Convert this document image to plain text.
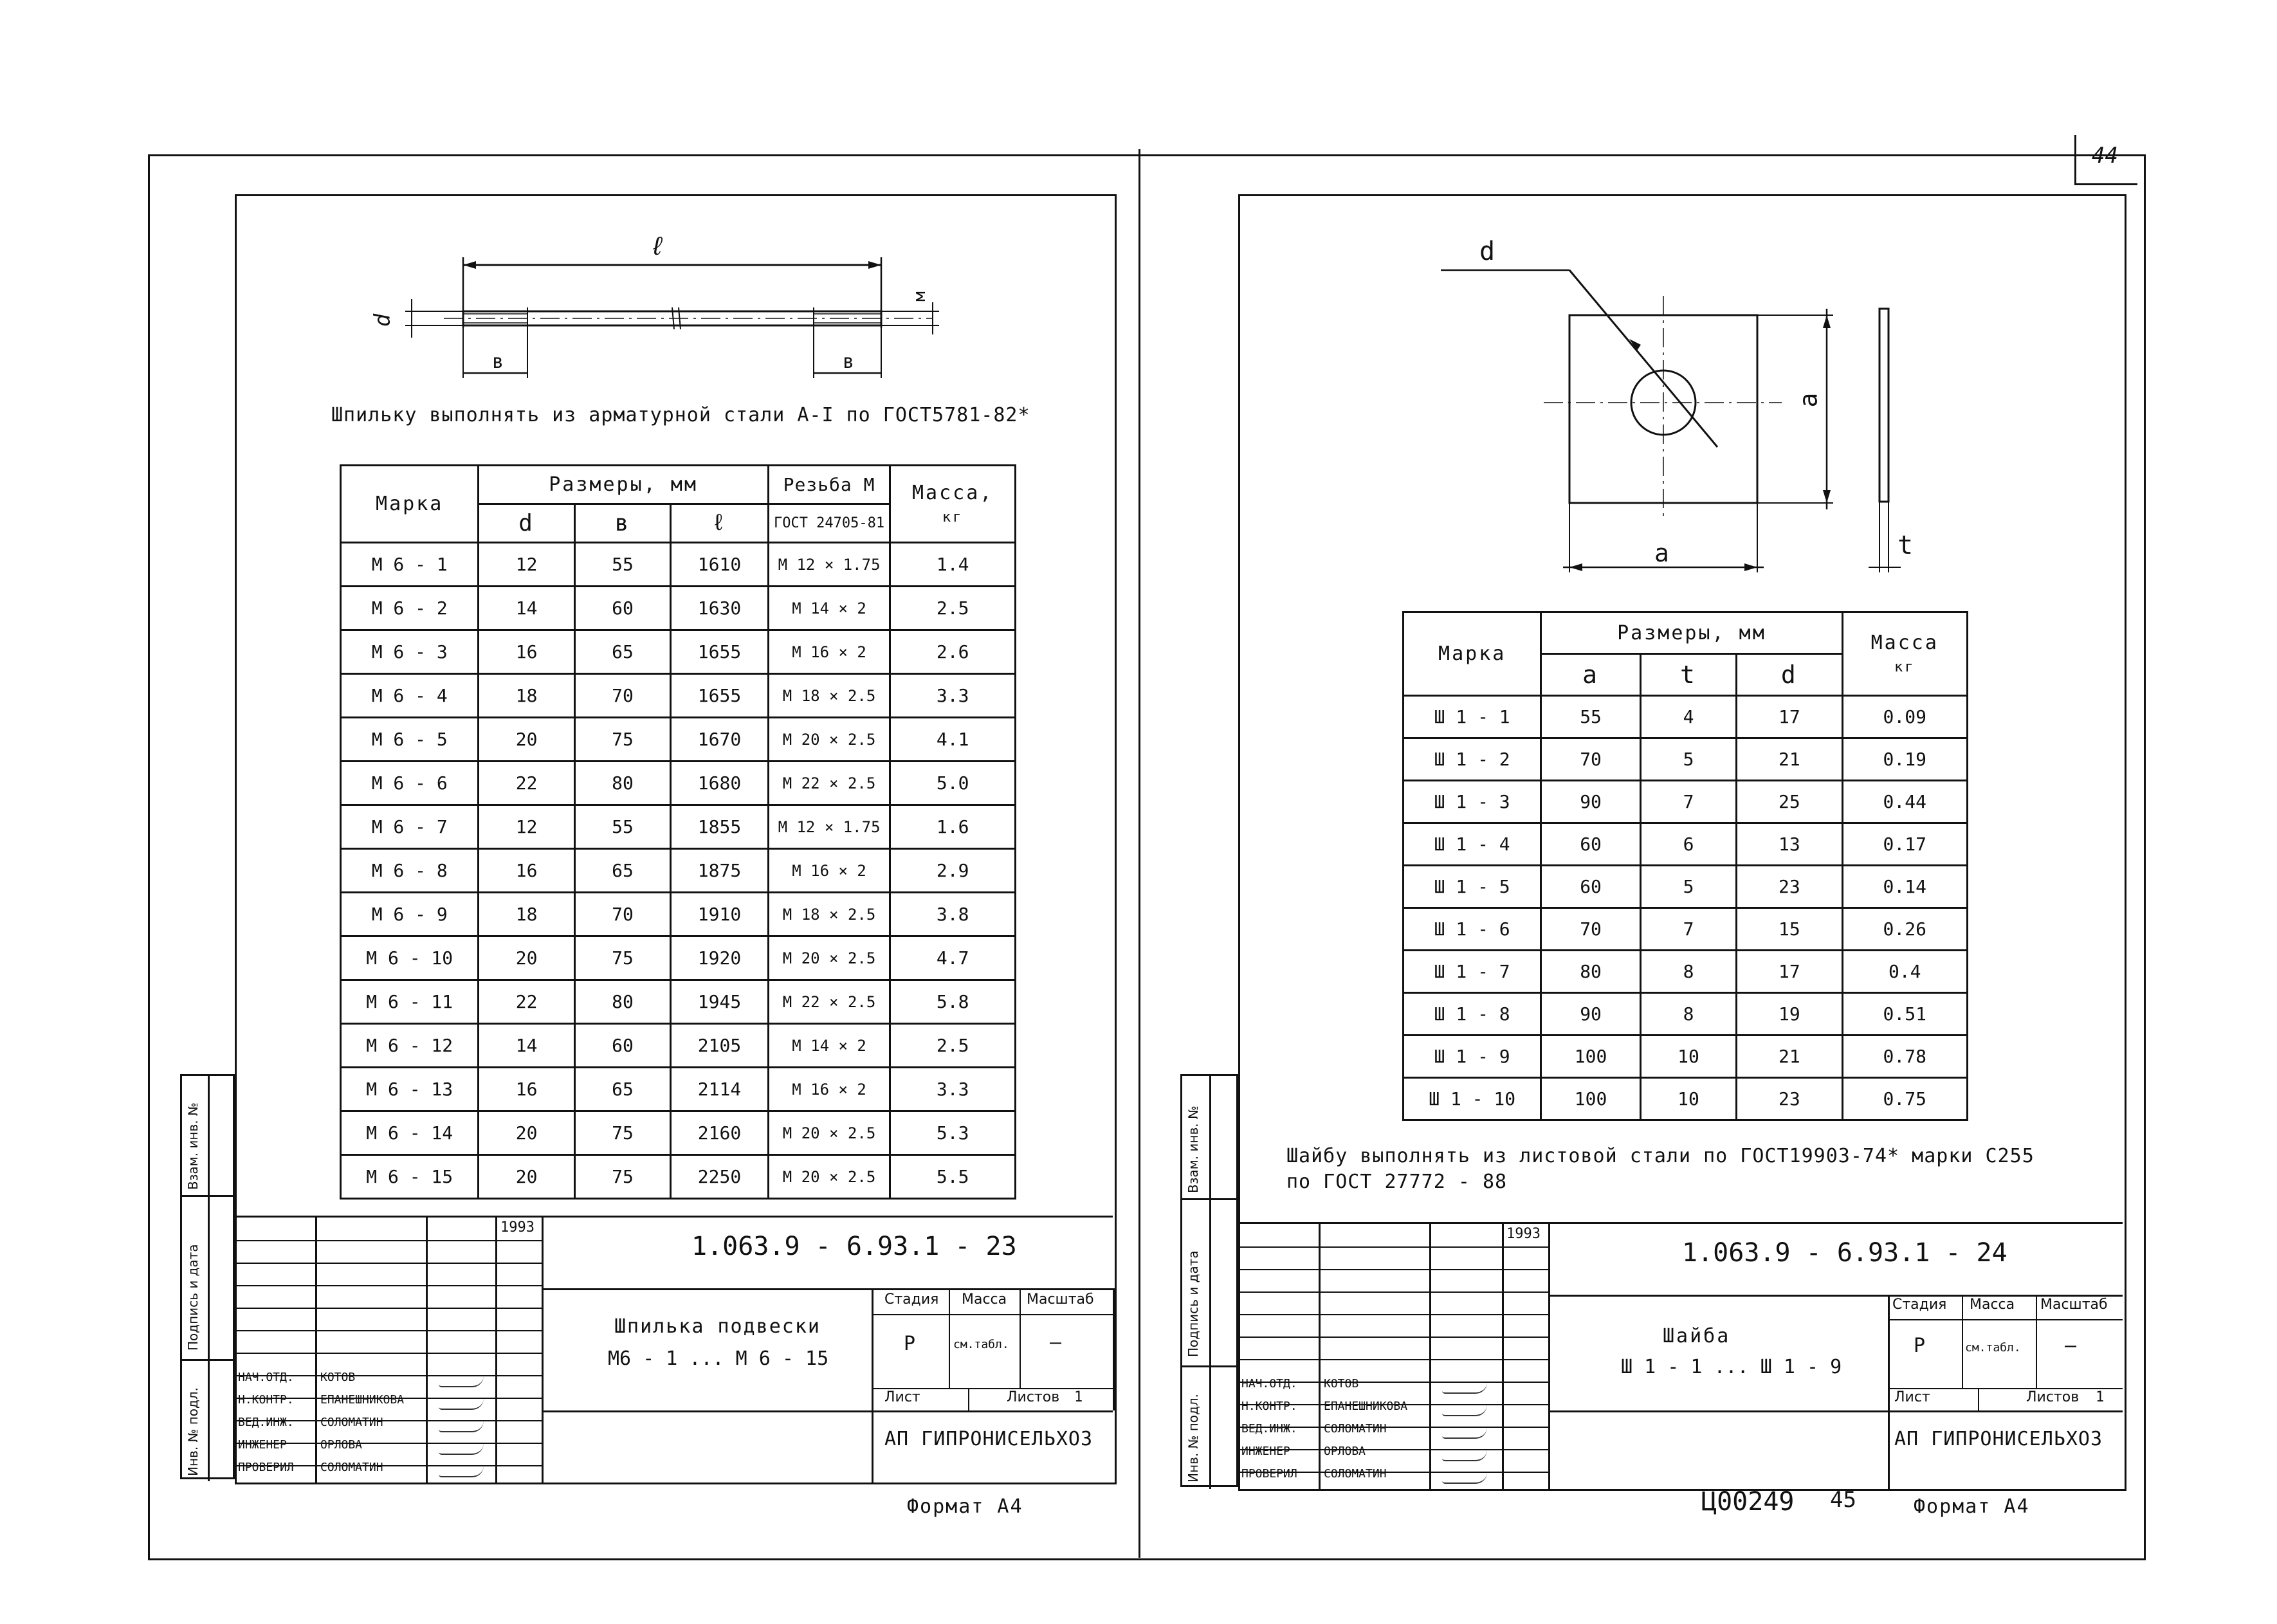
44
ℓ
d
м
в	в
Шпильку выполнять из арматурной стали А-I по ГОСТ5781-82*
Марка	Размеры, мм			Резьба М	Масса,
кг
	d	в	ℓ	ГОСТ 24705-81	
М 6 - 1	12	55	1610	М 12 × 1.75	1.4
М 6 - 2	14	60	1630	М 14 × 2	2.5
М 6 - 3	16	65	1655	М 16 × 2	2.6
М 6 - 4	18	70	1655	М 18 × 2.5	3.3
М 6 - 5	20	75	1670	М 20 × 2.5	4.1
М 6 - 6	22	80	1680	М 22 × 2.5	5.0
М 6 - 7	12	55	1855	М 12 × 1.75	1.6
М 6 - 8	16	65	1875	М 16 × 2	2.9
М 6 - 9	18	70	1910	М 18 × 2.5	3.8
М 6 - 10	20	75	1920	М 20 × 2.5	4.7
М 6 - 11	22	80	1945	М 22 × 2.5	5.8
М 6 - 12	14	60	2105	М 14 × 2	2.5
М 6 - 13	16	65	2114	М 16 × 2	3.3
М 6 - 14	20	75	2160	М 20 × 2.5	5.3
М 6 - 15	20	75	2250	М 20 × 2.5	5.5
Взам. инв. №
Подпись и дата
Инв. № подл.
1993
1.063.9 - 6.93.1 - 23
Шпилька подвески
М6 - 1 ... М 6 - 15
Стадия Масса Масштаб
Р	см.табл. —
Лист	Листов 1
АП ГИПРОНИСЕЛЬХОЗ
НАЧ.ОТД. КОТОВ
Н.КОНТР. ЕПАНЕШНИКОВА
ВЕД.ИНЖ. СОЛОМАТИН
ИНЖЕНЕР	ОРЛОВА
ПРОВЕРИЛ СОЛОМАТИН
Формат А4
d
a
a	t
Марка	Размеры, мм			Масса
кг
	a	t	d	
Ш 1 - 1	55	4	17	0.09
Ш 1 - 2	70	5	21	0.19
Ш 1 - 3	90	7	25	0.44
Ш 1 - 4	60	6	13	0.17
Ш 1 - 5	60	5	23	0.14
Ш 1 - 6	70	7	15	0.26
Ш 1 - 7	80	8	17	0.4
Ш 1 - 8	90	8	19	0.51
Ш 1 - 9	100	10	21	0.78
Ш 1 - 10	100	10	23	0.75
Шайбу выполнять из листовой стали по ГОСТ19903-74* марки С255
по ГОСТ 27772 - 88
Взам. инв. №
Подпись и дата
Инв. № подл.
1993
1.063.9 - 6.93.1 - 24
Шайба
Ш 1 - 1 ... Ш 1 - 9
Стадия Масса Масштаб
Р	см.табл. —
Лист	Листов 1
АП ГИПРОНИСЕЛЬХОЗ
НАЧ.ОТД. КОТОВ
Н.КОНТР. ЕПАНЕШНИКОВА
ВЕД.ИНЖ. СОЛОМАТИН
ИНЖЕНЕР	ОРЛОВА
ПРОВЕРИЛ СОЛОМАТИН
Ц00249 45	Формат А4
